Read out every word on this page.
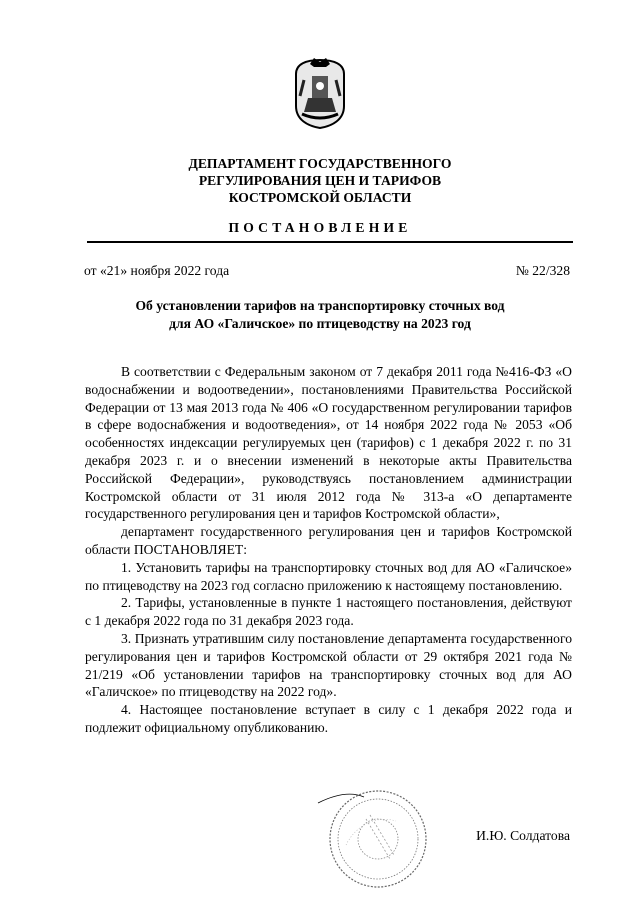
ДЕПАРТАМЕНТ ГОСУДАРСТВЕННОГО
РЕГУЛИРОВАНИЯ ЦЕН И ТАРИФОВ
КОСТРОМСКОЙ ОБЛАСТИ
ПОСТАНОВЛЕНИЕ
от «21» ноября 2022 года	№ 22/328
Об установлении тарифов на транспортировку сточных вод
для АО «Галичское» по птицеводству на 2023 год

В соответствии с Федеральным законом от 7 декабря 2011 года №416-ФЗ «О водоснабжении и водоотведении», постановлениями Правительства Российской Федерации от 13 мая 2013 года № 406 «О государственном регулировании тарифов в сфере водоснабжения и водоотведения», от 14 ноября 2022 года № 2053 «Об особенностях индексации регулируемых цен (тарифов) с 1 декабря 2022 г. по 31 декабря 2023 г. и о внесении изменений в некоторые акты Правительства Российской Федерации», руководствуясь постановлением администрации Костромской области от 31 июля 2012 года № 313-а «О департаменте государственного регулирования цен и тарифов Костромской области»,

департамент государственного регулирования цен и тарифов Костромской области ПОСТАНОВЛЯЕТ:

1. Установить тарифы на транспортировку сточных вод для АО «Галичское» по птицеводству на 2023 год согласно приложению к настоящему постановлению.

2. Тарифы, установленные в пункте 1 настоящего постановления, действуют с 1 декабря 2022 года по 31 декабря 2023 года.

3. Признать утратившим силу постановление департамента государственного регулирования цен и тарифов Костромской области от 29 октября 2021 года № 21/219 «Об установлении тарифов на транспортировку сточных вод для АО «Галичское» по птицеводству на 2022 год».

4. Настоящее постановление вступает в силу с 1 декабря 2022 года и подлежит официальному опубликованию.

И.Ю. Солдатова
